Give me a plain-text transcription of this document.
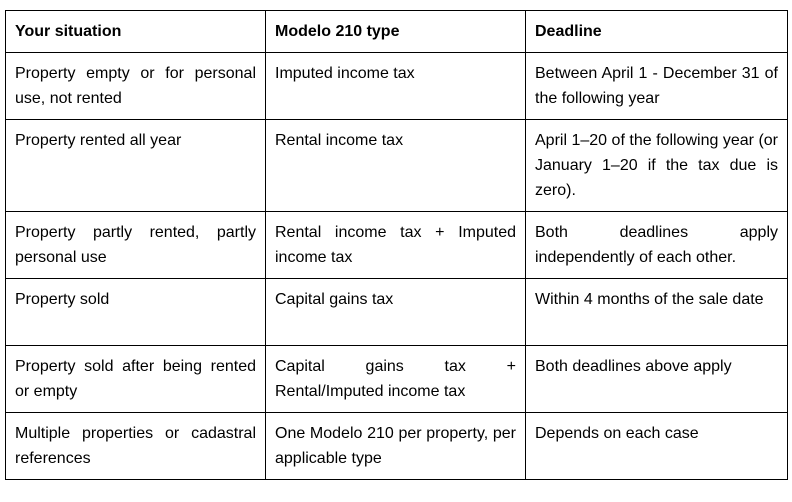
Your situation	Modelo 210 type	Deadline
Property empty or for personal use, not rented	Imputed income tax	Between April 1 - December 31 of the following year
Property rented all year	Rental income tax	April 1–20 of the following year (or January 1–20 if the tax due is zero).
Property partly rented, partly personal use	Rental income tax + Imputed income tax	Both deadlines apply independently of each other.
Property sold	Capital gains tax	Within 4 months of the sale date
Property sold after being rented or empty	Capital gains tax + Rental/Imputed income tax	Both deadlines above apply
Multiple properties or cadastral references	One Modelo 210 per property, per applicable type	Depends on each case
